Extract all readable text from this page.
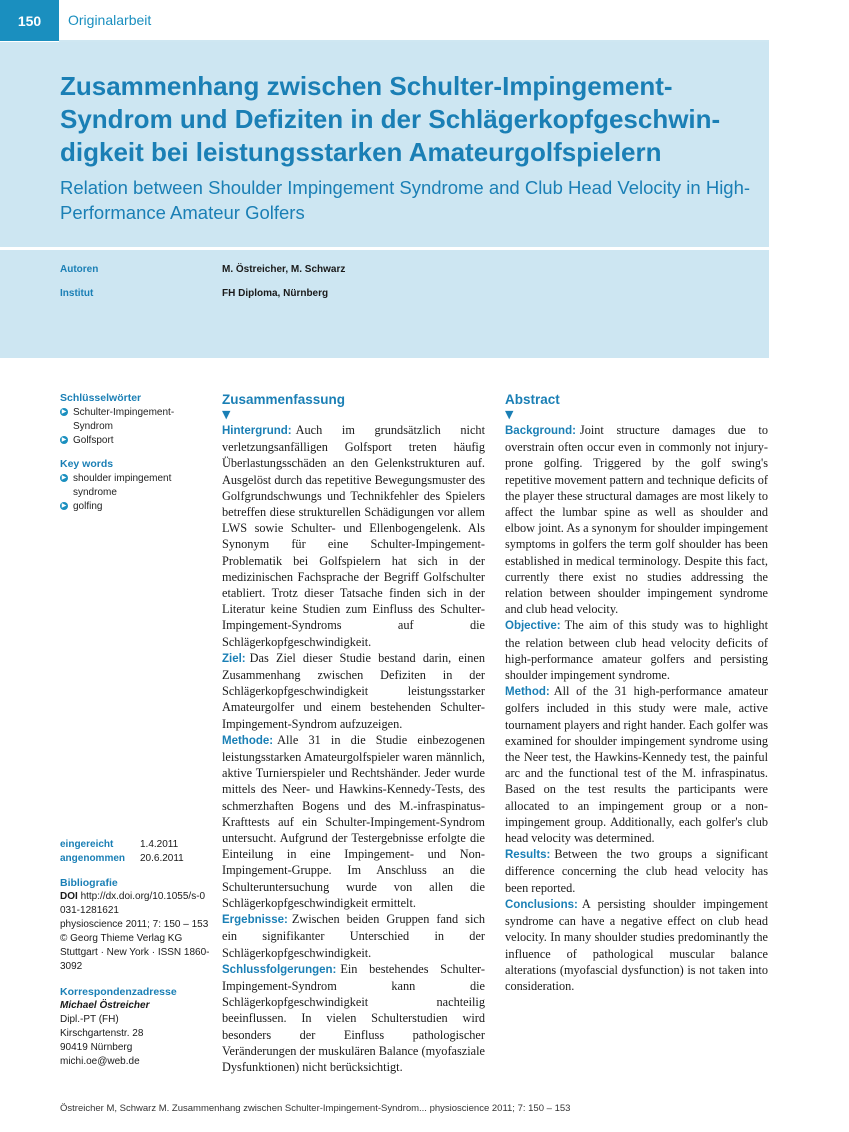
150	Originalarbeit
Zusammenhang zwischen Schulter-Impingement-Syndrom und Defiziten in der Schlägerkopfgeschwin-digkeit bei leistungsstarken Amateurgolfspielern
Relation between Shoulder Impingement Syndrome and Club Head Velocity in High-Performance Amateur Golfers
Autoren	M. Östreicher, M. Schwarz
Institut	FH Diploma, Nürnberg
Schlüsselwörter
▶ Schulter-Impingement-Syndrom
▶ Golfsport
Key words
▶ shoulder impingement syndrome
▶ golfing
eingereicht	1.4.2011
angenommen	20.6.2011
Bibliografie
DOI http://dx.doi.org/10.1055/s-0031-1281621
physioscience 2011; 7: 150 – 153 © Georg Thieme Verlag KG Stuttgart · New York · ISSN 1860-3092
Korrespondenzadresse
Michael Östreicher
Dipl.-PT (FH)
Kirschgartenstr. 28
90419 Nürnberg
michi.oe@web.de
Zusammenfassung
▼

Hintergrund: Auch im grundsätzlich nicht verletzungsanfälligen Golfsport treten häufig Überlastungsschäden an den Gelenkstrukturen auf. Ausgelöst durch das repetitive Bewegungsmuster des Golfgrundschwungs und Technikfehler des Spielers betreffen diese strukturellen Schädigungen vor allem LWS sowie Schulter- und Ellenbogengelenk. Als Synonym für eine Schulter-Impingement-Problematik bei Golfspielern hat sich in der medizinischen Fachsprache der Begriff Golfschulter etabliert. Trotz dieser Tatsache finden sich in der Literatur keine Studien zum Einfluss des Schulter-Impingement-Syndroms auf die Schlägerkopfgeschwindigkeit.

Ziel: Das Ziel dieser Studie bestand darin, einen Zusammenhang zwischen Defiziten in der Schlägerkopfgeschwindigkeit leistungsstarker Amateurgolfer und einem bestehenden Schulter-Impingement-Syndrom aufzuzeigen.

Methode: Alle 31 in die Studie einbezogenen leistungsstarken Amateurgolfspieler waren männlich, aktive Turnierspieler und Rechtshänder. Jeder wurde mittels des Neer- und Hawkins-Kennedy-Tests, des schmerzhaften Bogens und des M.-infraspinatus-Krafttests auf ein Schulter-Impingement-Syndrom untersucht. Aufgrund der Testergebnisse erfolgte die Einteilung in eine Impingement- und Non-Impingement-Gruppe. Im Anschluss an die Schulteruntersuchung wurde von allen die Schlägerkopfgeschwindigkeit ermittelt.

Ergebnisse: Zwischen beiden Gruppen fand sich ein signifikanter Unterschied in der Schlägerkopfgeschwindigkeit.

Schlussfolgerungen: Ein bestehendes Schulter-Impingement-Syndrom kann die Schlägerkopfgeschwindigkeit nachteilig beeinflussen. In vielen Schulterstudien wird besonders der Einfluss pathologischer Veränderungen der muskulären Balance (myofasziale Dysfunktionen) nicht berücksichtigt.

Abstract
▼

Background: Joint structure damages due to overstrain often occur even in commonly not injury-prone golfing. Triggered by the golf swing's repetitive movement pattern and technique deficits of the player these structural damages are most likely to affect the lumbar spine as well as shoulder and elbow joint. As a synonym for shoulder impingement symptoms in golfers the term golf shoulder has been established in medical terminology. Despite this fact, currently there exist no studies addressing the relation between shoulder impingement syndrome and club head velocity.

Objective: The aim of this study was to highlight the relation between club head velocity deficits of high-performance amateur golfers and persisting shoulder impingement syndrome.

Method: All of the 31 high-performance amateur golfers included in this study were male, active tournament players and right hander. Each golfer was examined for shoulder impingement syndrome using the Neer test, the Hawkins-Kennedy test, the painful arc and the functional test of the M. infraspinatus. Based on the test results the participants were allocated to an impingement group or a non-impingement group. Additionally, each golfer's club head velocity was determined.

Results: Between the two groups a significant difference concerning the club head velocity has been reported.

Conclusions: A persisting shoulder impingement syndrome can have a negative effect on club head velocity. In many shoulder studies predominantly the influence of pathological muscular balance alterations (myofascial dysfunction) is not taken into consideration.

Östreicher M, Schwarz M. Zusammenhang zwischen Schulter-Impingement-Syndrom... physioscience 2011; 7: 150 – 153
